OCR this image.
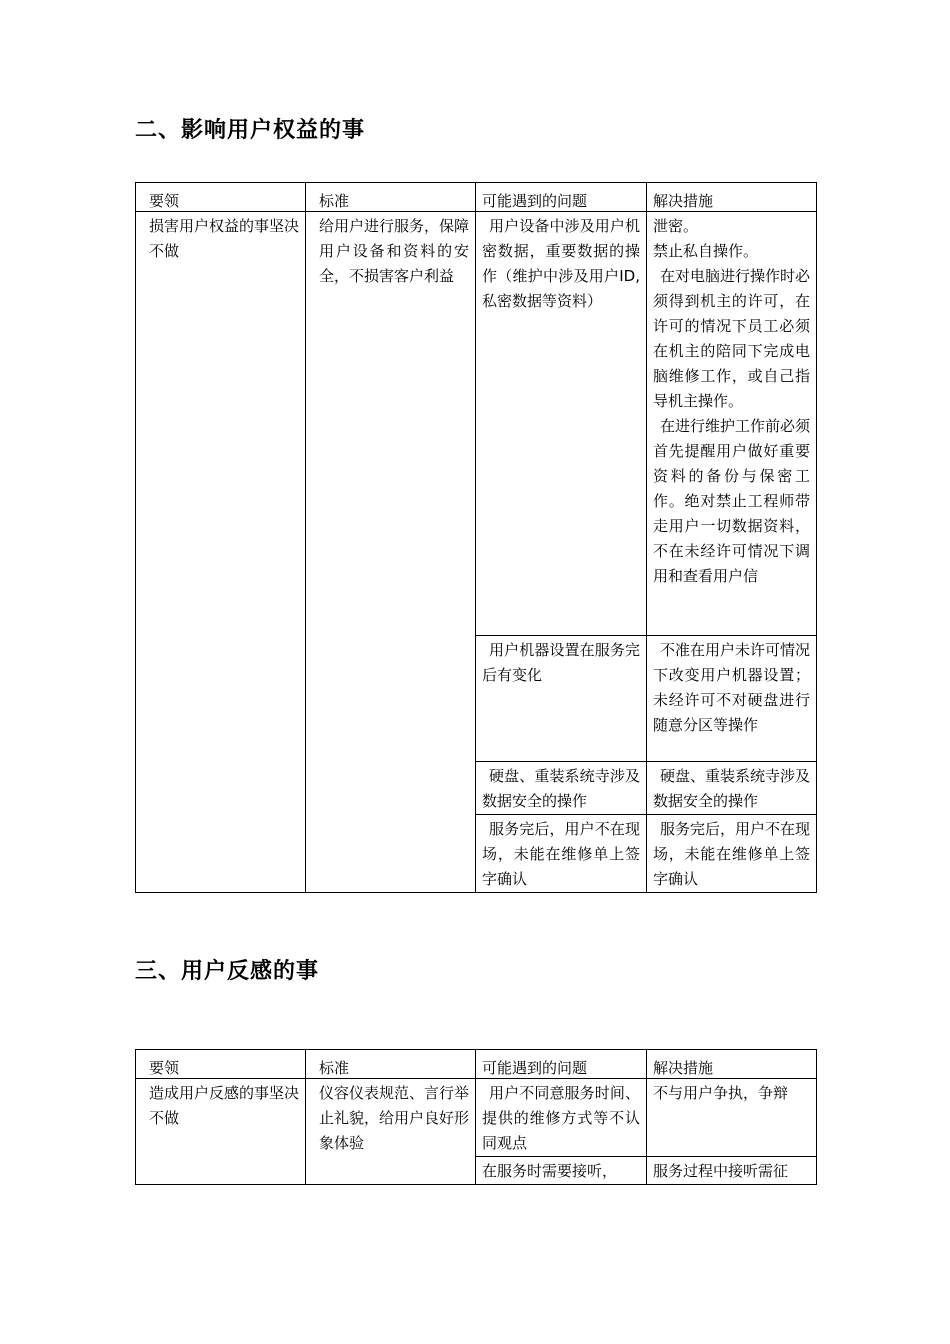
二、影响用户权益的事
要领	标准	可能遇到的问题	解决措施
损害用户权益的事坚决不做	给用户进行服务，保障用户设备和资料的安全，不损害客户利益	用户设备中涉及用户机密数据，重要数据的操作（维护中涉及用户ID,私密数据等资料）	泄密。

禁止私自操作。

在对电脑进行操作时必须得到机主的许可，在许可的情况下员工必须在机主的陪同下完成电脑维修工作，或自己指导机主操作。

在进行维护工作前必须首先提醒用户做好重要资料的备份与保密工作。绝对禁止工程师带走用户一切数据资料，不在未经许可情况下调用和查看用户信

		用户机器设置在服务完后有变化	不准在用户未许可情况下改变用户机器设置；未经许可不对硬盘进行随意分区等操作
		硬盘、重装系统寺涉及数据安全的操作	硬盘、重装系统寺涉及数据安全的操作
		服务完后，用户不在现场，未能在维修单上签字确认	服务完后，用户不在现场，未能在维修单上签字确认
三、用户反感的事
要领	标准	可能遇到的问题	解决措施
造成用户反感的事坚决不做	仪容仪表规范、言行举止礼貌，给用户良好形象体验	用户不同意服务时间、提供的维修方式等不认同观点	不与用户争执，争辩
		在服务时需要接听，	服务过程中接听需征
